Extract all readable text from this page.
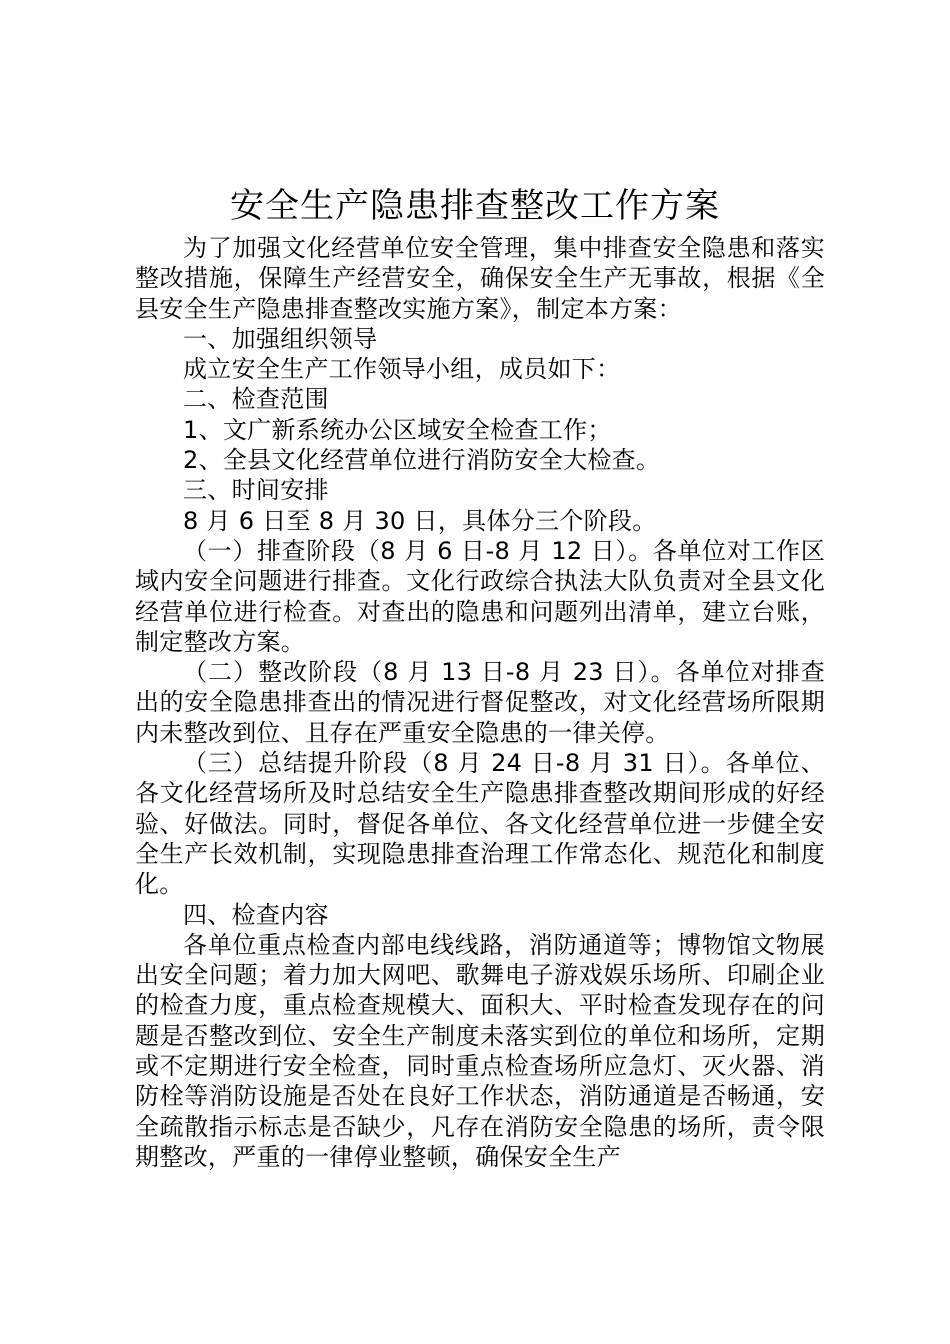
安全生产隐患排查整改工作方案

为了加强文化经营单位安全管理，集中排查安全隐患和落实整改措施，保障生产经营安全，确保安全生产无事故，根据《全县安全生产隐患排查整改实施方案》，制定本方案：

一、加强组织领导

成立安全生产工作领导小组，成员如下：

二、检查范围

1、文广新系统办公区域安全检查工作；

2、全县文化经营单位进行消防安全大检查。

三、时间安排

8 月 6 日至 8 月 30 日，具体分三个阶段。

（一）排查阶段（8 月 6 日-8 月 12 日）。各单位对工作区域内安全问题进行排查。文化行政综合执法大队负责对全县文化经营单位进行检查。对查出的隐患和问题列出清单，建立台账，制定整改方案。

（二）整改阶段（8 月 13 日-8 月 23 日）。各单位对排查出的安全隐患排查出的情况进行督促整改，对文化经营场所限期内未整改到位、且存在严重安全隐患的一律关停。

（三）总结提升阶段（8 月 24 日-8 月 31 日）。各单位、各文化经营场所及时总结安全生产隐患排查整改期间形成的好经验、好做法。同时，督促各单位、各文化经营单位进一步健全安全生产长效机制，实现隐患排查治理工作常态化、规范化和制度化。

四、检查内容

各单位重点检查内部电线线路，消防通道等；博物馆文物展出安全问题；着力加大网吧、歌舞电子游戏娱乐场所、印刷企业的检查力度，重点检查规模大、面积大、平时检查发现存在的问题是否整改到位、安全生产制度未落实到位的单位和场所，定期或不定期进行安全检查，同时重点检查场所应急灯、灭火器、消防栓等消防设施是否处在良好工作状态，消防通道是否畅通，安全疏散指示标志是否缺少，凡存在消防安全隐患的场所，责令限期整改，严重的一律停业整顿，确保安全生产
